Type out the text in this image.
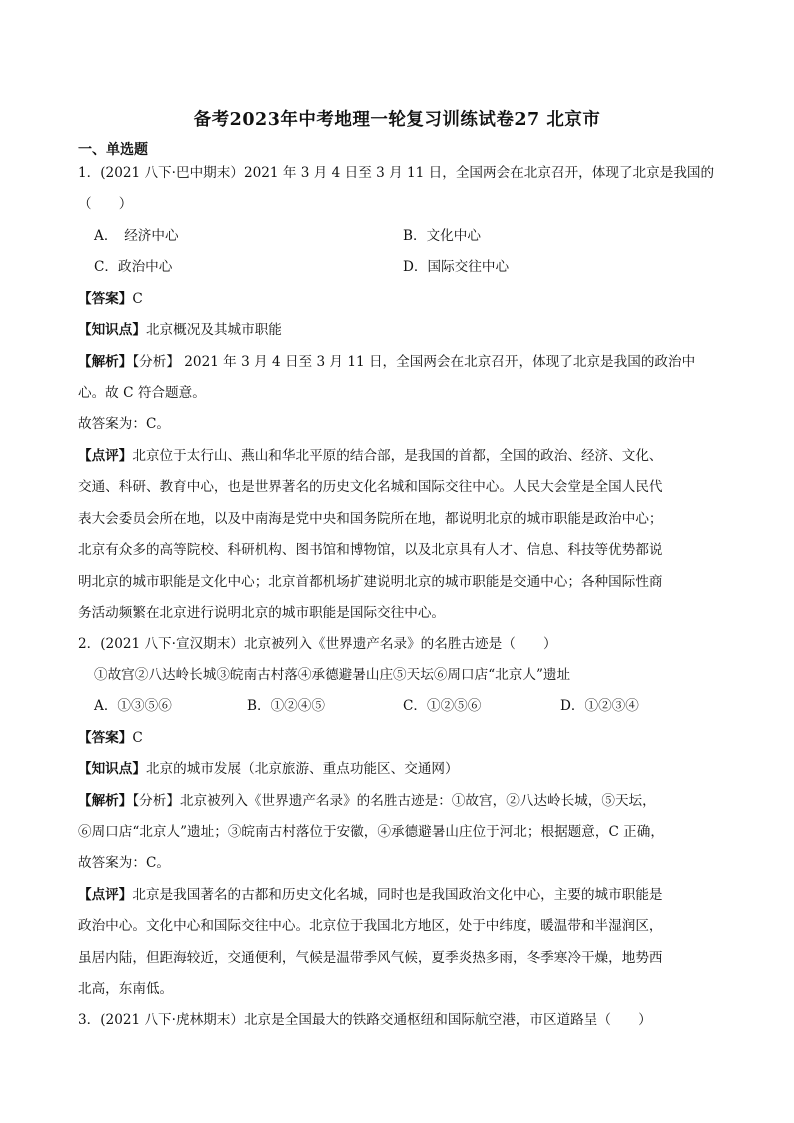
备考2023年中考地理一轮复习训练试卷27 北京市
一、单选题
1．(2021 八下·巴中期末）2021 年 3 月 4 日至 3 月 11 日，全国两会在北京召开，体现了北京是我国的
（　　）
A．　经济中心	B．文化中心
C．政治中心	D．国际交往中心
【答案】C
【知识点】北京概况及其城市职能
【解析】【分析】 2021 年 3 月 4 日至 3 月 11 日，全国两会在北京召开，体现了北京是我国的政治中
心。故 C 符合题意。
故答案为：C。
【点评】北京位于太行山、燕山和华北平原的结合部，是我国的首都，全国的政治、经济、文化、
交通、科研、教育中心，也是世界著名的历史文化名城和国际交往中心。人民大会堂是全国人民代
表大会委员会所在地，以及中南海是党中央和国务院所在地，都说明北京的城市职能是政治中心；
北京有众多的高等院校、科研机构、图书馆和博物馆，以及北京具有人才、信息、科技等优势都说
明北京的城市职能是文化中心；北京首都机场扩建说明北京的城市职能是交通中心；各种国际性商
务活动频繁在北京进行说明北京的城市职能是国际交往中心。
2．(2021 八下·宣汉期末）北京被列入《世界遗产名录》的名胜古迹是（　　）
①故宫②八达岭长城③皖南古村落④承德避暑山庄⑤天坛⑥周口店“北京人”遗址
A．①③⑤⑥	B．①②④⑤	C．①②⑤⑥	D．①②③④
【答案】C
【知识点】北京的城市发展（北京旅游、重点功能区、交通网）
【解析】【分析】北京被列入《世界遗产名录》的名胜古迹是：①故宫，②八达岭长城，⑤天坛，
⑥周口店“北京人”遗址；③皖南古村落位于安徽，④承德避暑山庄位于河北；根据题意，C 正确，
故答案为：C。
【点评】北京是我国著名的古都和历史文化名城，同时也是我国政治文化中心，主要的城市职能是
政治中心。文化中心和国际交往中心。北京位于我国北方地区，处于中纬度，暖温带和半湿润区，
虽居内陆，但距海较近，交通便利，气候是温带季风气候，夏季炎热多雨，冬季寒冷干燥，地势西
北高，东南低。
3．(2021 八下·虎林期末）北京是全国最大的铁路交通枢纽和国际航空港，市区道路呈（　　）
